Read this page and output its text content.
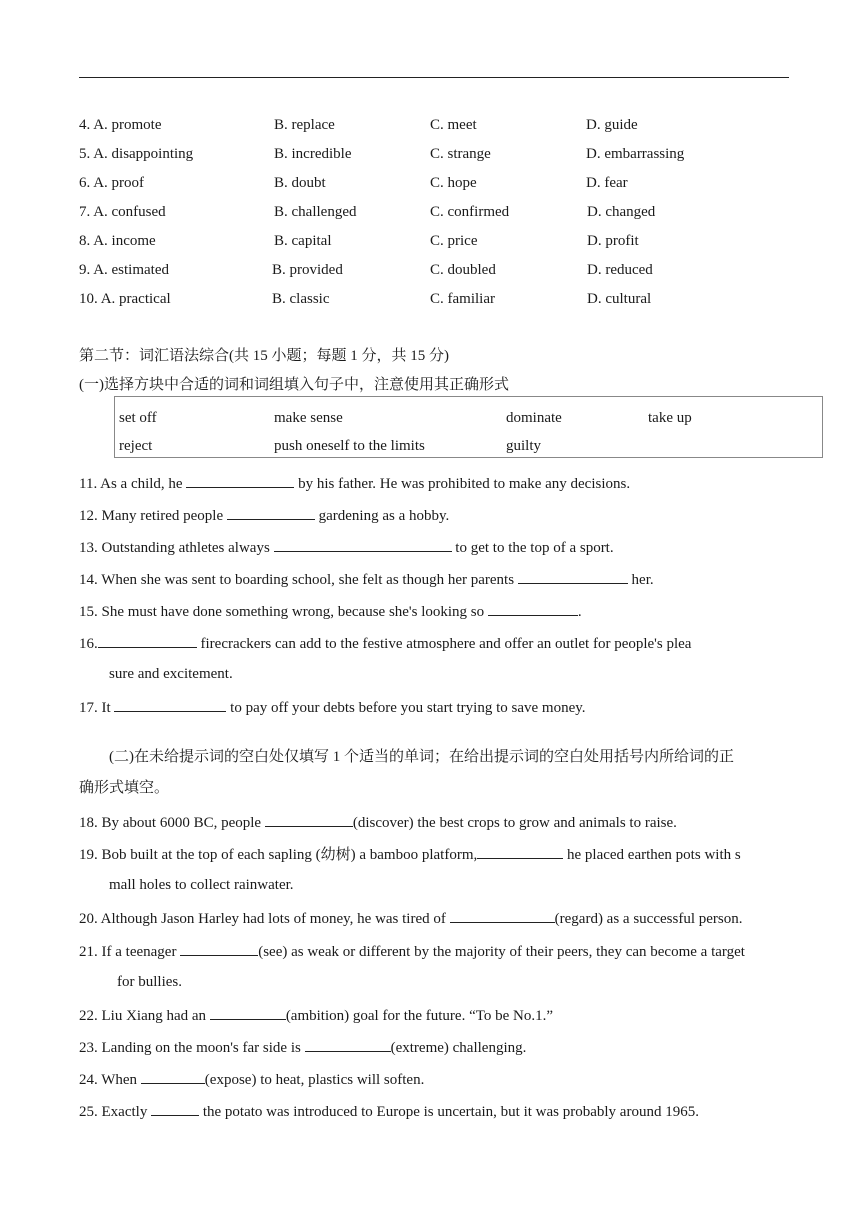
4. A. promote	B. replace	C. meet	D. guide
5. A. disappointing	B. incredible	C. strange	D. embarrassing
6. A. proof	B. doubt	C. hope	D. fear
7. A. confused	B. challenged	C. confirmed	D. changed
8. A. income	B. capital	C. price	D. profit
9. A. estimated	B. provided	C. doubled	D. reduced
10. A. practical	B. classic	C. familiar	D. cultural
第二节：词汇语法综合(共 15 小题；每题 1 分，共 15 分)
(一)选择方块中合适的词和词组填入句子中，注意使用其正确形式
set off	make sense	dominate	take up
reject	push oneself to the limits	guilty
11. As a child, he	by his father. He was prohibited to make any decisions.
12. Many retired people	gardening as a hobby.
13. Outstanding athletes always	to get to the top of a sport.
14. When she was sent to boarding school, she felt as though her parents	her.
15. She must have done something wrong, because she's looking so	.
16.	firecrackers can add to the festive atmosphere and offer an outlet for people's plea
sure and excitement.
17. It	to pay off your debts before you start trying to save money.
(二)在未给提示词的空白处仅填写 1 个适当的单词；在给出提示词的空白处用括号内所给词的正
确形式填空。
18. By about 6000 BC, people	(discover) the best crops to grow and animals to raise.
19. Bob built at the top of each sapling (幼树) a bamboo platform,	he placed earthen pots with s
mall holes to collect rainwater.
20. Although Jason Harley had lots of money, he was tired of	(regard) as a successful person.
21. If a teenager	(see) as weak or different by the majority of their peers, they can become a target
for bullies.
22. Liu Xiang had an	(ambition) goal for the future. “To be No.1.”
23. Landing on the moon's far side is	(extreme) challenging.
24. When	(expose) to heat, plastics will soften.
25. Exactly	the potato was introduced to Europe is uncertain, but it was probably around 1965.
